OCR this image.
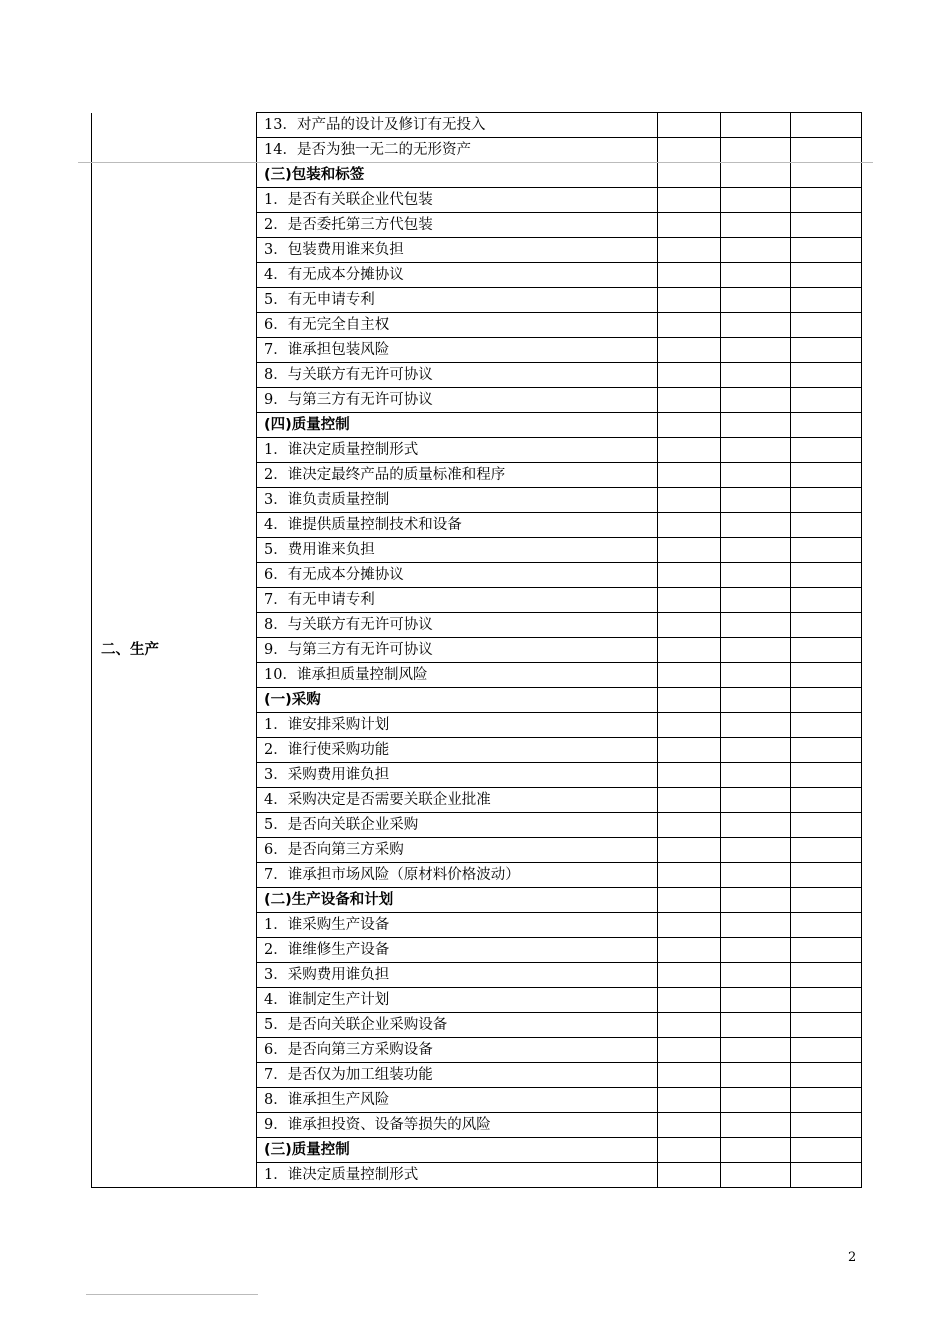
二、生产	13．对产品的设计及修订有无投入			
	14．是否为独一无二的无形资产			
	(三)包装和标签			
	1．是否有关联企业代包装			
	2．是否委托第三方代包装			
	3．包装费用谁来负担			
	4．有无成本分摊协议			
	5．有无申请专利			
	6．有无完全自主权			
	7．谁承担包装风险			
	8．与关联方有无许可协议			
	9．与第三方有无许可协议			
	(四)质量控制			
	1．谁决定质量控制形式			
	2．谁决定最终产品的质量标准和程序			
	3．谁负责质量控制			
	4．谁提供质量控制技术和设备			
	5．费用谁来负担			
	6．有无成本分摊协议			
	7．有无申请专利			
	8．与关联方有无许可协议			
	9．与第三方有无许可协议			
	10．谁承担质量控制风险			
	(一)采购			
	1．谁安排采购计划			
	2．谁行使采购功能			
	3．采购费用谁负担			
	4．采购决定是否需要关联企业批准			
	5．是否向关联企业采购			
	6．是否向第三方采购			
	7．谁承担市场风险（原材料价格波动）			
	(二)生产设备和计划			
	1．谁采购生产设备			
	2．谁维修生产设备			
	3．采购费用谁负担			
	4．谁制定生产计划			
	5．是否向关联企业采购设备			
	6．是否向第三方采购设备			
	7．是否仅为加工组装功能			
	8．谁承担生产风险			
	9．谁承担投资、设备等损失的风险			
	(三)质量控制			
	1．谁决定质量控制形式			
2
